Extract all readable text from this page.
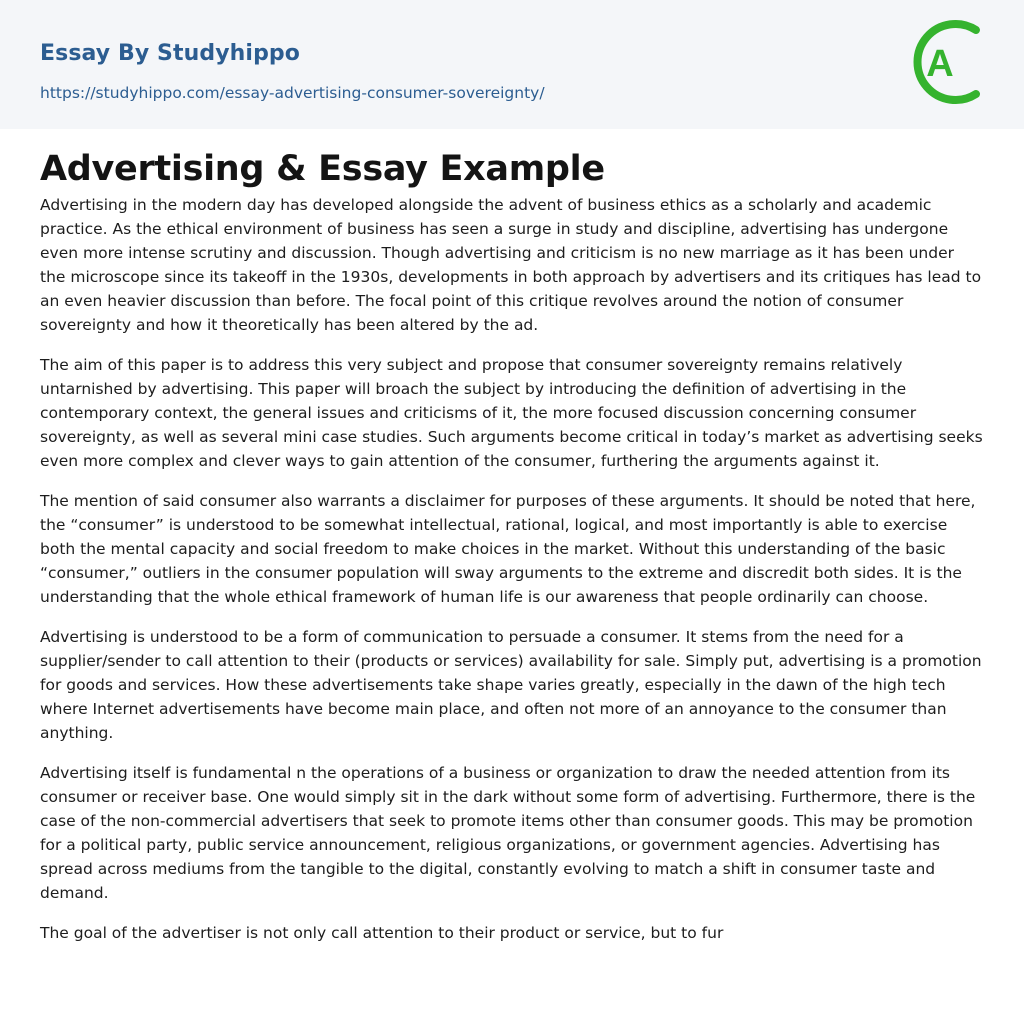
Essay By Studyhippo
https://studyhippo.com/essay-advertising-consumer-sovereignty/
A
Advertising & Essay Example

Advertising in the modern day has developed alongside the advent of business ethics as a scholarly and academic practice. As the ethical environment of business has seen a surge in study and discipline, advertising has undergone even more intense scrutiny and discussion. Though advertising and criticism is no new marriage as it has been under the microscope since its takeoff in the 1930s, developments in both approach by advertisers and its critiques has lead to an even heavier discussion than before. The focal point of this critique revolves around the notion of consumer sovereignty and how it theoretically has been altered by the ad.

The aim of this paper is to address this very subject and propose that consumer sovereignty remains relatively untarnished by advertising. This paper will broach the subject by introducing the definition of advertising in the contemporary context, the general issues and criticisms of it, the more focused discussion concerning consumer sovereignty, as well as several mini case studies. Such arguments become critical in today’s market as advertising seeks even more complex and clever ways to gain attention of the consumer, furthering the arguments against it.

The mention of said consumer also warrants a disclaimer for purposes of these arguments. It should be noted that here, the “consumer” is understood to be somewhat intellectual, rational, logical, and most importantly is able to exercise both the mental capacity and social freedom to make choices in the market. Without this understanding of the basic “consumer,” outliers in the consumer population will sway arguments to the extreme and discredit both sides. It is the understanding that the whole ethical framework of human life is our awareness that people ordinarily can choose.

Advertising is understood to be a form of communication to persuade a consumer. It stems from the need for a supplier/sender to call attention to their (products or services) availability for sale. Simply put, advertising is a promotion for goods and services. How these advertisements take shape varies greatly, especially in the dawn of the high tech where Internet advertisements have become main place, and often not more of an annoyance to the consumer than anything.

Advertising itself is fundamental n the operations of a business or organization to draw the needed attention from its consumer or receiver base. One would simply sit in the dark without some form of advertising. Furthermore, there is the case of the non-commercial advertisers that seek to promote items other than consumer goods. This may be promotion for a political party, public service announcement, religious organizations, or government agencies. Advertising has spread across mediums from the tangible to the digital, constantly evolving to match a shift in consumer taste and demand.

The goal of the advertiser is not only call attention to their product or service, but to fur
